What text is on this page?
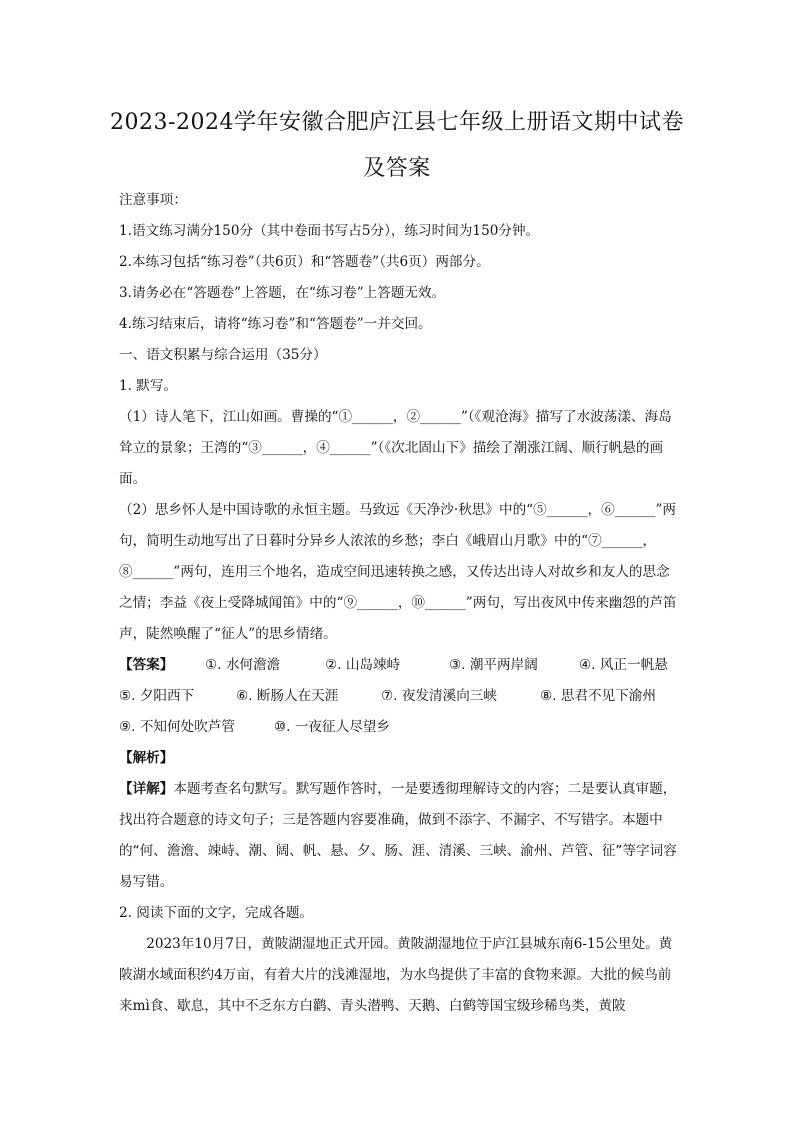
2023-2024学年安徽合肥庐江县七年级上册语文期中试卷及答案

注意事项：

1.语文练习满分150分（其中卷面书写占5分），练习时间为150分钟。

2.本练习包括“练习卷”（共6页）和“答题卷”（共6页）两部分。

3.请务必在“答题卷”上答题，在“练习卷”上答题无效。

4.练习结束后，请将“练习卷”和“答题卷”一并交回。

一、语文积累与综合运用（35分）

1. 默写。

（1）诗人笔下，江山如画。曹操的“①______，②______”（《观沧海》描写了水波荡漾、海岛耸立的景象；王湾的“③______，④______”（《次北固山下》描绘了潮涨江阔、顺行帆悬的画面。

（2）思乡怀人是中国诗歌的永恒主题。马致远《天净沙·秋思》中的“⑤______，⑥______”两句，简明生动地写出了日暮时分异乡人浓浓的乡愁；李白《峨眉山月歌》中的“⑦______，⑧______”两句，连用三个地名，造成空间迅速转换之感，又传达出诗人对故乡和友人的思念之情；李益《夜上受降城闻笛》中的“⑨______，⑩______”两句，写出夜风中传来幽怨的芦笛声，陡然唤醒了“征人”的思乡情绪。

【答案】	①. 水何澹澹	②. 山岛竦峙	③. 潮平两岸阔	④. 风正一帆悬
⑤. 夕阳西下	⑥. 断肠人在天涯	⑦. 夜发清溪向三峡	⑧. 思君不见下渝州
⑨. 不知何处吹芦管	⑩. 一夜征人尽望乡

【解析】

【详解】本题考查名句默写。默写题作答时，一是要透彻理解诗文的内容；二是要认真审题，找出符合题意的诗文句子；三是答题内容要准确，做到不添字、不漏字、不写错字。本题中的“何、澹澹、竦峙、潮、阔、帆、悬、夕、肠、涯、清溪、三峡、渝州、芦管、征”等字词容易写错。

2. 阅读下面的文字，完成各题。

2023年10月7日，黄陂湖湿地正式开园。黄陂湖湿地位于庐江县城东南6-15公里处。黄陂湖水域面积约4万亩，有着大片的浅滩湿地，为水鸟提供了丰富的食物来源。大批的候鸟前来mì食、歇息，其中不乏东方白鹳、青头潜鸭、天鹅、白鹤等国宝级珍稀鸟类，黄陂
